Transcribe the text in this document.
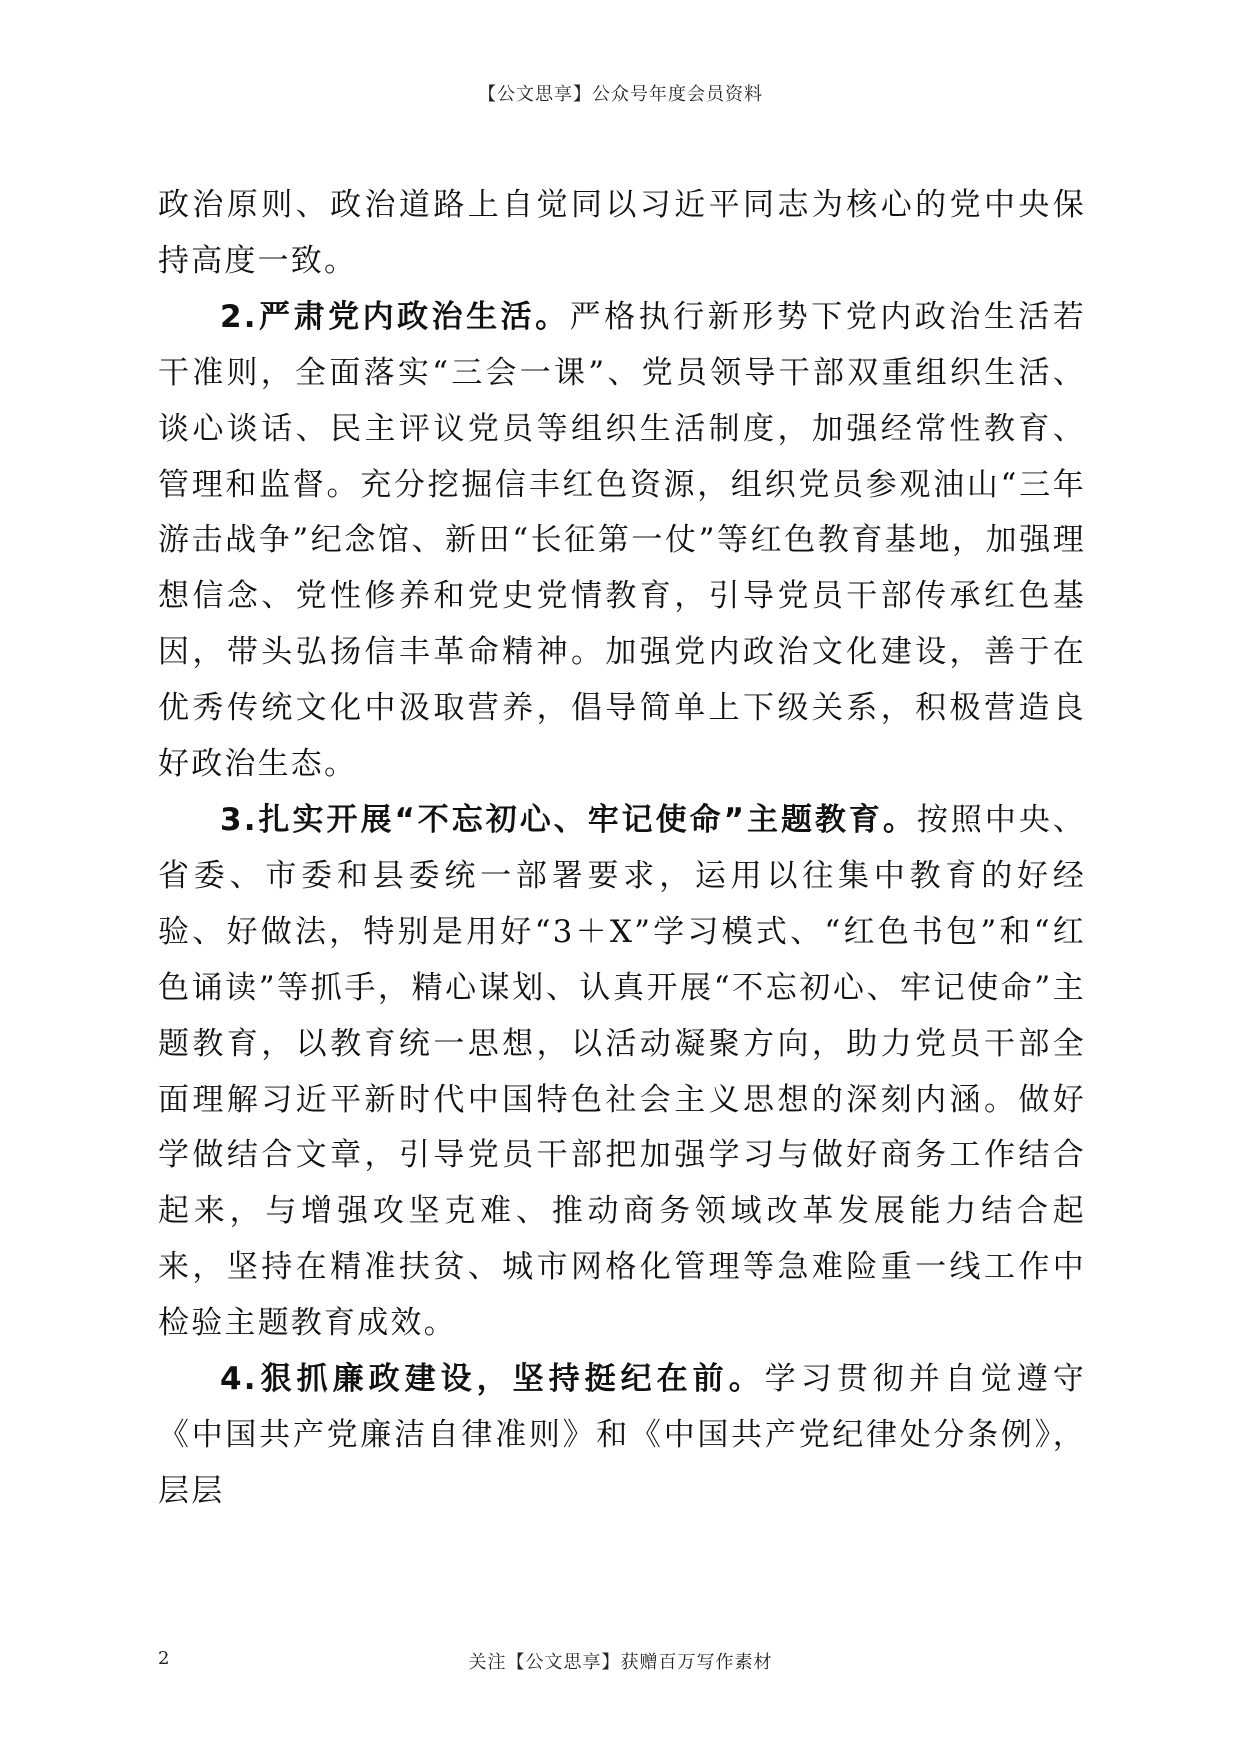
【公文思享】公众号年度会员资料

政治原则、政治道路上自觉同以习近平同志为核心的党中央保持高度一致。

2.严肃党内政治生活。严格执行新形势下党内政治生活若干准则，全面落实“三会一课”、党员领导干部双重组织生活、谈心谈话、民主评议党员等组织生活制度，加强经常性教育、管理和监督。充分挖掘信丰红色资源，组织党员参观油山“三年游击战争”纪念馆、新田“长征第一仗”等红色教育基地，加强理想信念、党性修养和党史党情教育，引导党员干部传承红色基因，带头弘扬信丰革命精神。加强党内政治文化建设，善于在优秀传统文化中汲取营养，倡导简单上下级关系，积极营造良好政治生态。

3.扎实开展“不忘初心、牢记使命”主题教育。按照中央、省委、市委和县委统一部署要求，运用以往集中教育的好经验、好做法，特别是用好“3＋X”学习模式、“红色书包”和“红色诵读”等抓手，精心谋划、认真开展“不忘初心、牢记使命”主题教育，以教育统一思想，以活动凝聚方向，助力党员干部全面理解习近平新时代中国特色社会主义思想的深刻内涵。做好学做结合文章，引导党员干部把加强学习与做好商务工作结合起来，与增强攻坚克难、推动商务领域改革发展能力结合起来，坚持在精准扶贫、城市网格化管理等急难险重一线工作中检验主题教育成效。

4.狠抓廉政建设，坚持挺纪在前。学习贯彻并自觉遵守《中国共产党廉洁自律准则》和《中国共产党纪律处分条例》，层层

2	关注【公文思享】获赠百万写作素材
